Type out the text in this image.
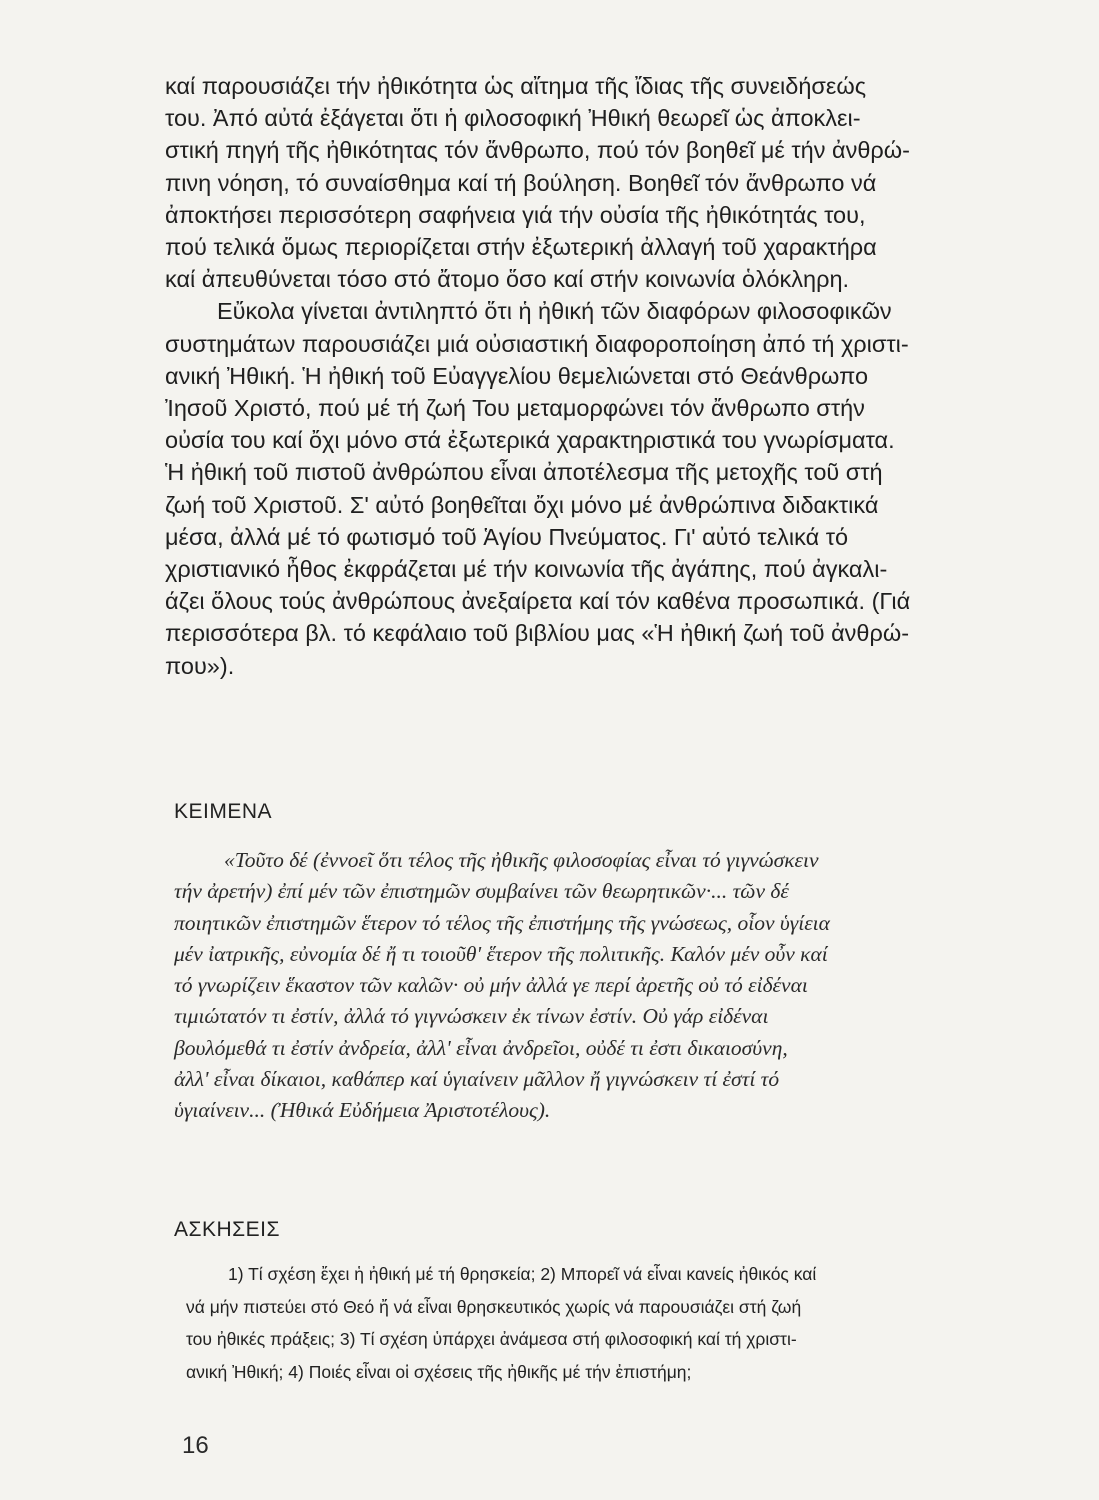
καί παρουσιάζει τήν ἠθικότητα ὡς αἴτημα τῆς ἴδιας τῆς συνειδήσεώς
του. Ἀπό αὐτά ἐξάγεται ὅτι ἡ φιλοσοφική Ἠθική θεωρεῖ ὡς ἀποκλει-
στική πηγή τῆς ἠθικότητας τόν ἄνθρωπο, πού τόν βοηθεῖ μέ τήν ἀνθρώ-
πινη νόηση, τό συναίσθημα καί τή βούληση. Βοηθεῖ τόν ἄνθρωπο νά
ἀποκτήσει περισσότερη σαφήνεια γιά τήν οὐσία τῆς ἠθικότητάς του,
πού τελικά ὅμως περιορίζεται στήν ἐξωτερική ἀλλαγή τοῦ χαρακτήρα
καί ἀπευθύνεται τόσο στό ἄτομο ὅσο καί στήν κοινωνία ὁλόκληρη.
Εὔκολα γίνεται ἀντιληπτό ὅτι ἡ ἠθική τῶν διαφόρων φιλοσοφικῶν
συστημάτων παρουσιάζει μιά οὐσιαστική διαφοροποίηση ἀπό τή χριστι-
ανική Ἠθική. Ἡ ἠθική τοῦ Εὐαγγελίου θεμελιώνεται στό Θεάνθρωπο
Ἰησοῦ Χριστό, πού μέ τή ζωή Του μεταμορφώνει τόν ἄνθρωπο στήν
οὐσία του καί ὄχι μόνο στά ἐξωτερικά χαρακτηριστικά του γνωρίσματα.
Ἡ ἠθική τοῦ πιστοῦ ἀνθρώπου εἶναι ἀποτέλεσμα τῆς μετοχῆς τοῦ στή
ζωή τοῦ Χριστοῦ. Σ' αὐτό βοηθεῖται ὄχι μόνο μέ ἀνθρώπινα διδακτικά
μέσα, ἀλλά μέ τό φωτισμό τοῦ Ἁγίου Πνεύματος. Γι' αὐτό τελικά τό
χριστιανικό ἦθος ἐκφράζεται μέ τήν κοινωνία τῆς ἀγάπης, πού ἀγκαλι-
άζει ὅλους τούς ἀνθρώπους ἀνεξαίρετα καί τόν καθένα προσωπικά. (Γιά
περισσότερα βλ. τό κεφάλαιο τοῦ βιβλίου μας «Ἡ ἠθική ζωή τοῦ ἀνθρώ-
που»).
ΚΕΙΜΕΝΑ
«Τοῦτο δέ (ἐννοεῖ ὅτι τέλος τῆς ἠθικῆς φιλοσοφίας εἶναι τό γιγνώσκειν
τήν ἀρετήν) ἐπί μέν τῶν ἐπιστημῶν συμβαίνει τῶν θεωρητικῶν·... τῶν δέ
ποιητικῶν ἐπιστημῶν ἕτερον τό τέλος τῆς ἐπιστήμης τῆς γνώσεως, οἷον ὑγίεια
μέν ἰατρικῆς, εὐνομία δέ ἤ τι τοιοῦθ' ἕτερον τῆς πολιτικῆς. Καλόν μέν οὖν καί
τό γνωρίζειν ἕκαστον τῶν καλῶν· οὐ μήν ἀλλά γε περί ἀρετῆς οὐ τό εἰδέναι
τιμιώτατόν τι ἐστίν, ἀλλά τό γιγνώσκειν ἐκ τίνων ἐστίν. Οὐ γάρ εἰδέναι
βουλόμεθά τι ἐστίν ἀνδρεία, ἀλλ' εἶναι ἀνδρεῖοι, οὐδέ τι ἐστι δικαιοσύνη,
ἀλλ' εἶναι δίκαιοι, καθάπερ καί ὑγιαίνειν μᾶλλον ἤ γιγνώσκειν τί ἐστί τό
ὑγιαίνειν... (Ἠθικά Εὐδήμεια Ἀριστοτέλους).
ΑΣΚΗΣΕΙΣ
1) Τί σχέση ἔχει ἡ ἠθική μέ τή θρησκεία; 2) Μπορεῖ νά εἶναι κανείς ἠθικός καί
νά μήν πιστεύει στό Θεό ἤ νά εἶναι θρησκευτικός χωρίς νά παρουσιάζει στή ζωή
του ἠθικές πράξεις; 3) Τί σχέση ὑπάρχει ἀνάμεσα στή φιλοσοφική καί τή χριστι-
ανική Ἠθική; 4) Ποιές εἶναι οἱ σχέσεις τῆς ἠθικῆς μέ τήν ἐπιστήμη;
16
